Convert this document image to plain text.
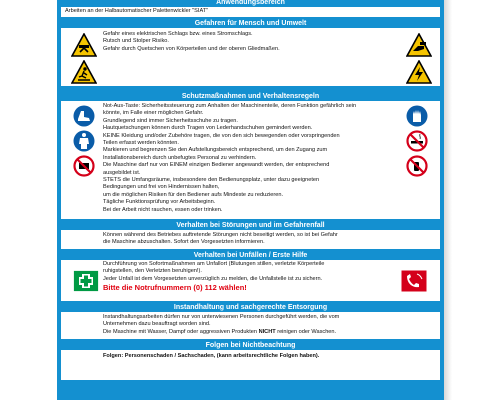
Anwendungsbereich
Arbeiten an der Halbautomatischer Palettenwickler "SIAT"
Gefahren für Mensch und Umwelt
Gefahr eines elektrischen Schlags bzw. eines Stromschlags.
Rutsch und Stolper Risiko.
Gefahr durch Quetschen von Körperteilen und der oberen Gliedmaßen.
Schutzmaßnahmen und Verhaltensregeln
Not-Aus-Taste: Sicherheitssteuerung zum Anhalten der Maschinenteile, deren Funktion gefährlich sein
könnte, im Falle einer möglichen Gefahr.
Grundlegend sind immer Sicherheitsschuhe zu tragen.
Hautquetschungen können durch Tragen von Lederhandschuhen gemindert werden.
KEINE Kleidung und/oder Zubehöre tragen, die von den sich bewegenden oder vorspringenden
Teilen erfasst werden könnten.
Markieren und begrenzen Sie den Aufstellungsbereich entsprechend, um den Zugang zum
Installationsbereich durch unbefugtes Personal zu verhindern.
Die Maschine darf nur von EINEM einzigen Bediener angewandt werden, der entsprechend
ausgebildet ist.
STETS die Umfangsräume, insbesondere den Bedienungsplatz, unter dazu geeigneten
Bedingungen und frei von Hindernissen halten,
um die möglichen Risiken für den Bediener aufs Mindeste zu reduzieren.
Tägliche Funktionsprüfung vor Arbeitsbeginn.
Bei der Arbeit nicht rauchen, essen oder trinken.
Verhalten bei Störungen und im Gefahrenfall
Können während des Betriebes auftretende Störungen nicht beseitigt werden, so ist bei Gefahr
die Maschine abzuschalten. Sofort den Vorgesetzten informieren.
Verhalten bei Unfällen / Erste Hilfe
Durchführung von Sofortmaßnahmen am Unfallort (Blutungen stillen, verletzte Körperteile
ruhigstellen, den Verletzten beruhigen!).
Jeder Unfall ist dem Vorgesetzten unverzüglich zu melden, die Unfallstelle ist zu sichern.
Bitte die Notrufnummern (0) 112 wählen!
Instandhaltung und sachgerechte Entsorgung
Instandhaltungsarbeiten dürfen nur von unterwiesenen Personen durchgeführt werden, die vom
Unternehmen dazu beauftragt worden sind.
Die Maschine mit Wasser, Dampf oder aggressiven Produkten NICHT reinigen oder Waschen.
Folgen bei Nichtbeachtung
Folgen: Personenschaden / Sachschaden, (kann arbeitsrechtliche Folgen haben).
